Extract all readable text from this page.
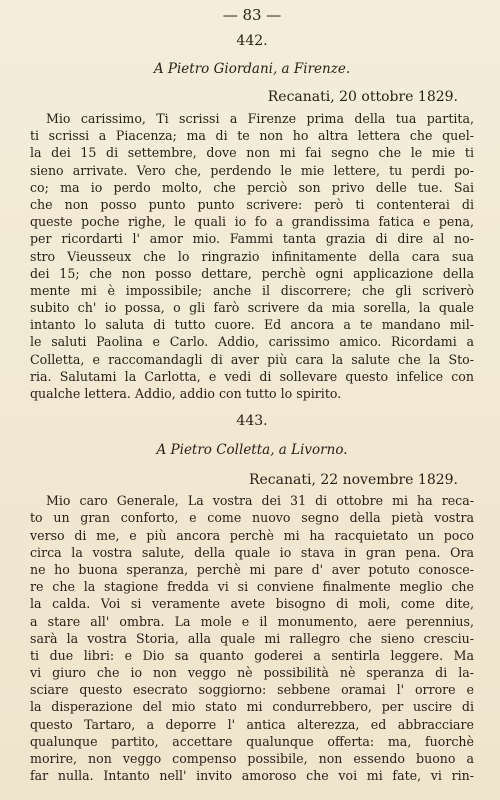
— 83 —
442.
A Pietro Giordani, a Firenze.
Recanati, 20 ottobre 1829.
Mio carissimo, Ti scrissi a Firenze prima della tua partita,
ti scrissi a Piacenza; ma di te non ho altra lettera che quel-
la dei 15 di settembre, dove non mi fai segno che le mie ti
sieno arrivate. Vero che, perdendo le mie lettere, tu perdi po-
co; ma io perdo molto, che perciò son privo delle tue. Sai
che non posso punto punto scrivere: però ti contenterai di
queste poche righe, le quali io fo a grandissima fatica e pena,
per ricordarti l' amor mio. Fammi tanta grazia di dire al no-
stro Vieusseux che lo ringrazio infinitamente della cara sua
dei 15; che non posso dettare, perchè ogni applicazione della
mente mi è impossibile; anche il discorrere; che gli scriverò
subito ch' io possa, o gli farò scrivere da mia sorella, la quale
intanto lo saluta di tutto cuore. Ed ancora a te mandano mil-
le saluti Paolina e Carlo. Addio, carissimo amico. Ricordami a
Colletta, e raccomandagli di aver più cara la salute che la Sto-
ria. Salutami la Carlotta, e vedi di sollevare questo infelice con
qualche lettera. Addio, addio con tutto lo spirito.
443.
A Pietro Colletta, a Livorno.
Recanati, 22 novembre 1829.
Mio caro Generale, La vostra dei 31 di ottobre mi ha reca-
to un gran conforto, e come nuovo segno della pietà vostra
verso di me, e più ancora perchè mi ha racquietato un poco
circa la vostra salute, della quale io stava in gran pena. Ora
ne ho buona speranza, perchè mi pare d' aver potuto conosce-
re che la stagione fredda vi si conviene finalmente meglio che
la calda. Voi si veramente avete bisogno di moli, come dite,
a stare all' ombra. La mole e il monumento, aere perennius,
sarà la vostra Storia, alla quale mi rallegro che sieno cresciu-
ti due libri: e Dio sa quanto goderei a sentirla leggere. Ma
vi giuro che io non veggo nè possibilità nè speranza di la-
sciare questo esecrato soggiorno: sebbene oramai l' orrore e
la disperazione del mio stato mi condurrebbero, per uscire di
questo Tartaro, a deporre l' antica alterezza, ed abbracciare
qualunque partito, accettare qualunque offerta: ma, fuorchè
morire, non veggo compenso possibile, non essendo buono a
far nulla. Intanto nell' invito amoroso che voi mi fate, vi rin-
